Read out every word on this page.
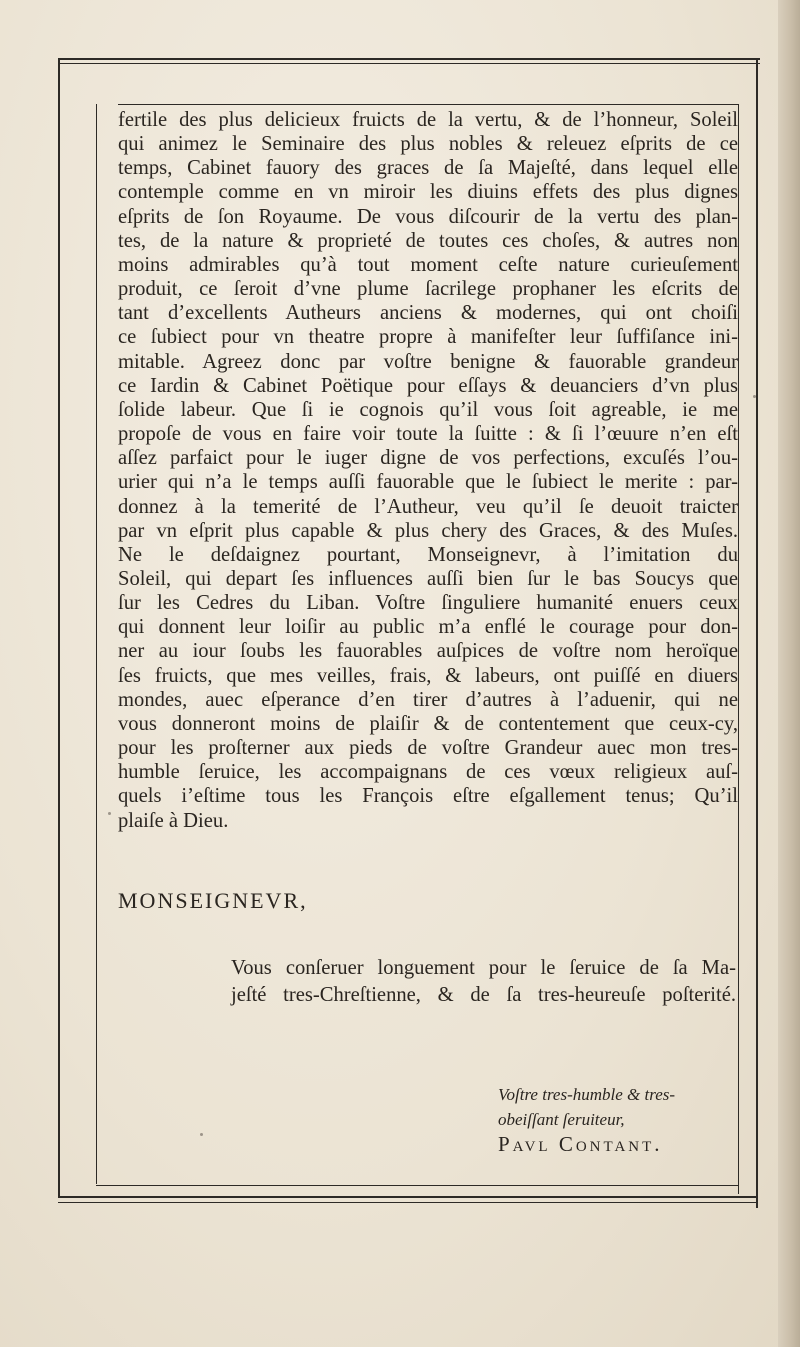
fertile des plus delicieux fruicts de la vertu, & de l’honneur, Soleil
qui animez le Seminaire des plus nobles & releuez eſprits de ce
temps, Cabinet fauory des graces de ſa Majeſté, dans lequel elle
contemple comme en vn miroir les diuins effets des plus dignes
eſprits de ſon Royaume. De vous diſcourir de la vertu des plan-
tes, de la nature & proprieté de toutes ces choſes, & autres non
moins admirables qu’à tout moment ceſte nature curieuſement
produit, ce ſeroit d’vne plume ſacrilege prophaner les eſcrits de
tant d’excellents Autheurs anciens & modernes, qui ont choiſi
ce ſubiect pour vn theatre propre à manifeſter leur ſuffiſance ini-
mitable. Agreez donc par voſtre benigne & fauorable grandeur
ce Iardin & Cabinet Poëtique pour eſſays & deuanciers d’vn plus
ſolide labeur. Que ſi ie cognois qu’il vous ſoit agreable, ie me
propoſe de vous en faire voir toute la ſuitte : & ſi l’œuure n’en eſt
aſſez parfaict pour le iuger digne de vos perfections, excuſés l’ou-
urier qui n’a le temps auſſi fauorable que le ſubiect le merite : par-
donnez à la temerité de l’Autheur, veu qu’il ſe deuoit traicter
par vn eſprit plus capable & plus chery des Graces, & des Muſes.
Ne le deſdaignez pourtant, Monseignevr, à l’imitation du
Soleil, qui depart ſes influences auſſi bien ſur le bas Soucys que
ſur les Cedres du Liban. Voſtre ſinguliere humanité enuers ceux
qui donnent leur loiſir au public m’a enflé le courage pour don-
ner au iour ſoubs les fauorables auſpices de voſtre nom heroïque
ſes fruicts, que mes veilles, frais, & labeurs, ont puiſſé en diuers
mondes, auec eſperance d’en tirer d’autres à l’aduenir, qui ne
vous donneront moins de plaiſir & de contentement que ceux-cy,
pour les proſterner aux pieds de voſtre Grandeur auec mon tres-
humble ſeruice, les accompaignans de ces vœux religieux auſ-
quels i’eſtime tous les François eſtre eſgallement tenus; Qu’il
plaiſe à Dieu.
MONSEIGNEVR,
Vous conſeruer longuement pour le ſeruice de ſa Ma-
jeſté tres-Chreſtienne, & de ſa tres-heureuſe poſterité.
Voſtre tres-humble & tres-
obeiſſant ſeruiteur,
Pavl Contant.
